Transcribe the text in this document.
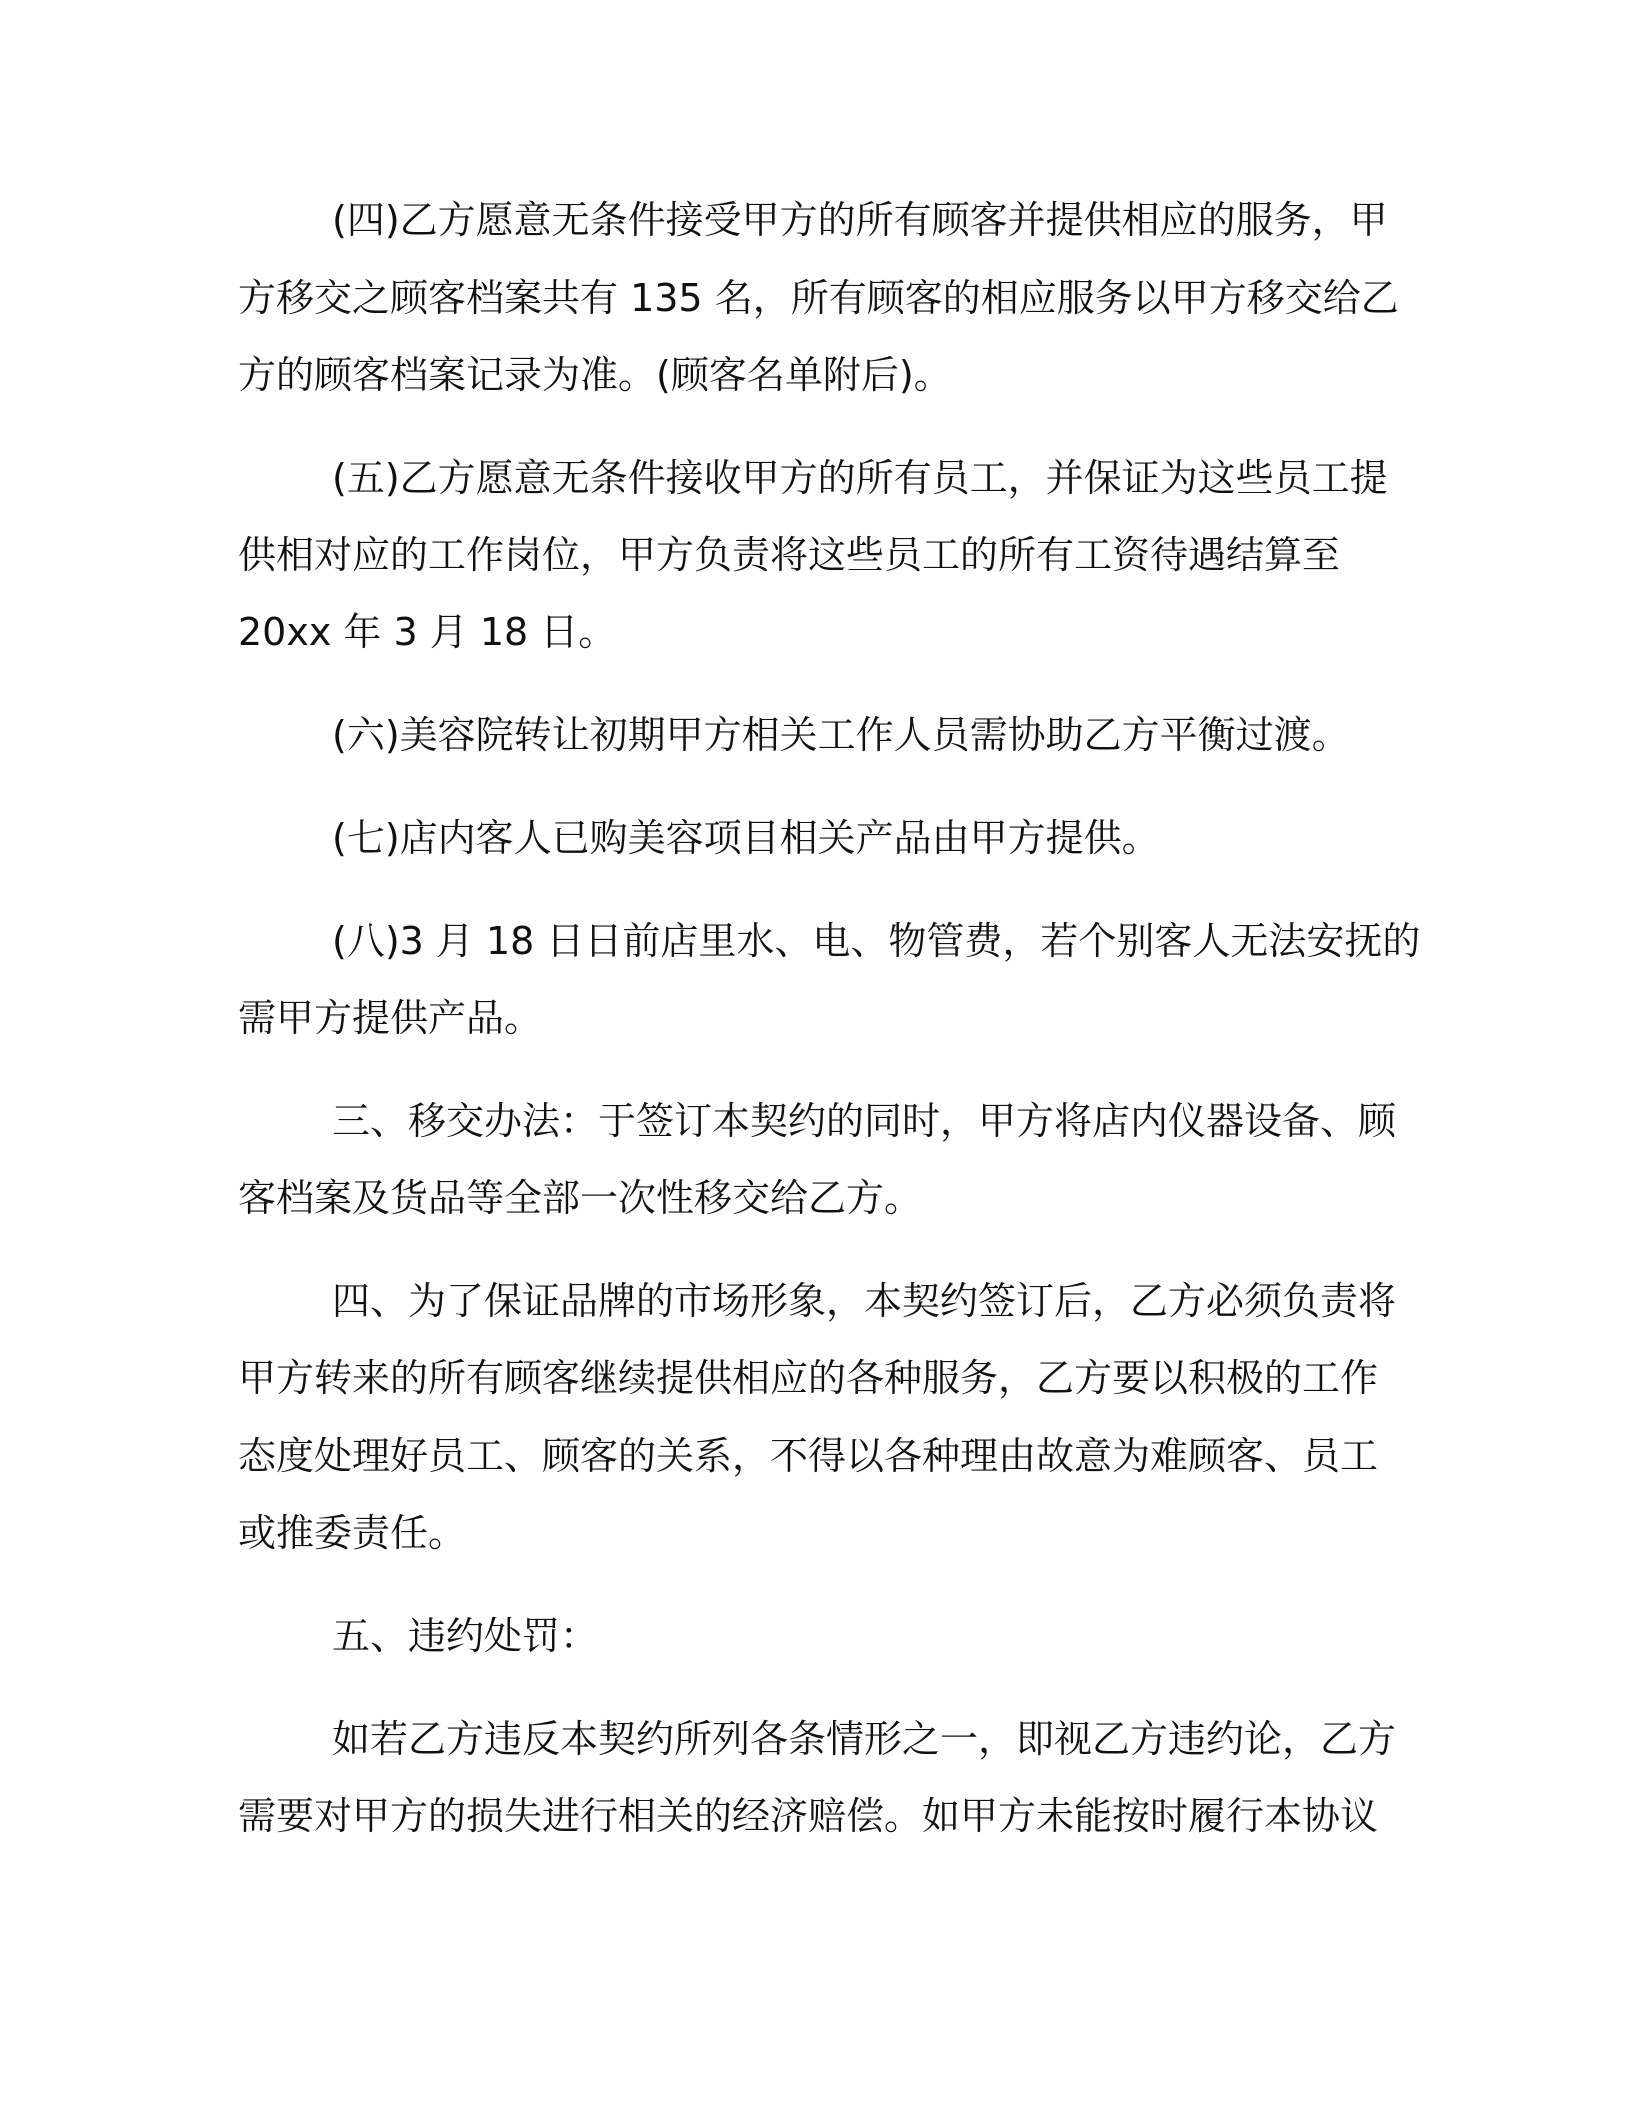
(四)乙方愿意无条件接受甲方的所有顾客并提供相应的服务，甲
方移交之顾客档案共有 135 名，所有顾客的相应服务以甲方移交给乙
方的顾客档案记录为准。(顾客名单附后)。
(五)乙方愿意无条件接收甲方的所有员工，并保证为这些员工提
供相对应的工作岗位，甲方负责将这些员工的所有工资待遇结算至
20xx 年 3 月 18 日。
(六)美容院转让初期甲方相关工作人员需协助乙方平衡过渡。
(七)店内客人已购美容项目相关产品由甲方提供。
(八)3 月 18 日日前店里水、电、物管费，若个别客人无法安抚的
需甲方提供产品。
三、移交办法：于签订本契约的同时，甲方将店内仪器设备、顾
客档案及货品等全部一次性移交给乙方。
四、为了保证品牌的市场形象，本契约签订后，乙方必须负责将
甲方转来的所有顾客继续提供相应的各种服务，乙方要以积极的工作
态度处理好员工、顾客的关系，不得以各种理由故意为难顾客、员工
或推委责任。
五、违约处罚：
如若乙方违反本契约所列各条情形之一，即视乙方违约论，乙方
需要对甲方的损失进行相关的经济赔偿。如甲方未能按时履行本协议
